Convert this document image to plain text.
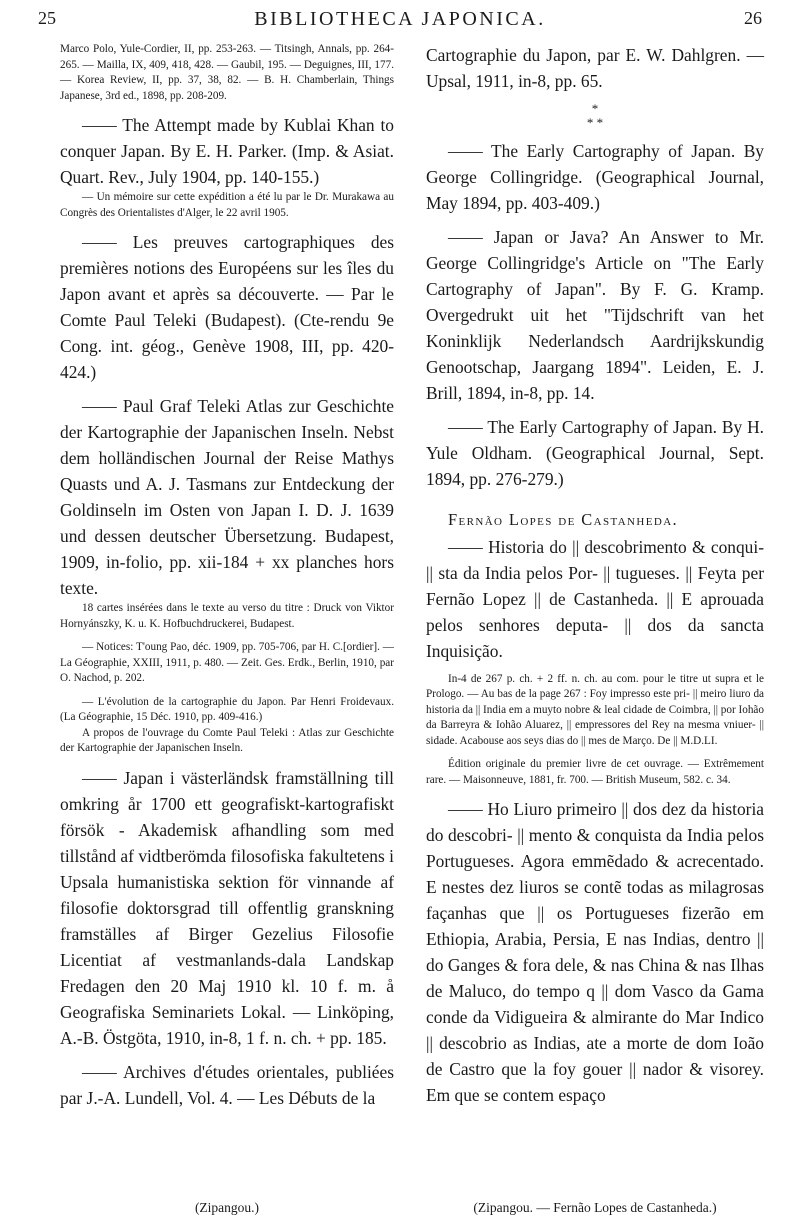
25	BIBLIOTHECA JAPONICA.	26

Marco Polo, Yule-Cordier, II, pp. 253-263. — Titsingh, Annals, pp. 264-265. — Mailla, IX, 409, 418, 428. — Gaubil, 195. — Deguignes, III, 177. — Korea Review, II, pp. 37, 38, 82. — B. H. Chamberlain, Things Japanese, 3rd ed., 1898, pp. 208-209.

—— The Attempt made by Kublai Khan to conquer Japan. By E. H. Parker. (Imp. & Asiat. Quart. Rev., July 1904, pp. 140-155.)

— Un mémoire sur cette expédition a été lu par le Dr. Murakawa au Congrès des Orientalistes d'Alger, le 22 avril 1905.

—— Les preuves cartographiques des premières notions des Européens sur les îles du Japon avant et après sa découverte. — Par le Comte Paul Teleki (Budapest). (Cte-rendu 9e Cong. int. géog., Genève 1908, III, pp. 420-424.)

—— Paul Graf Teleki Atlas zur Geschichte der Kartographie der Japanischen Inseln. Nebst dem holländischen Journal der Reise Mathys Quasts und A. J. Tasmans zur Entdeckung der Goldinseln im Osten von Japan I. D. J. 1639 und dessen deutscher Übersetzung. Budapest, 1909, in-folio, pp. xii-184 + xx planches hors texte.

18 cartes insérées dans le texte au verso du titre : Druck von Viktor Hornyánszky, K. u. K. Hofbuchdruckerei, Budapest.

— Notices: T'oung Pao, déc. 1909, pp. 705-706, par H. C.[ordier]. — La Géographie, XXIII, 1911, p. 480. — Zeit. Ges. Erdk., Berlin, 1910, par O. Nachod, p. 202.

— L'évolution de la cartographie du Japon. Par Henri Froidevaux. (La Géographie, 15 Déc. 1910, pp. 409-416.)

A propos de l'ouvrage du Comte Paul Teleki : Atlas zur Geschichte der Kartographie der Japanischen Inseln.

—— Japan i västerländsk framställning till omkring år 1700 ett geografiskt-kartografiskt försök - Akademisk afhandling som med tillstånd af vidtberömda filosofiska fakultetens i Upsala humanistiska sektion för vinnande af filosofie doktorsgrad till offentlig granskning framställes af Birger Gezelius Filosofie Licentiat af vestmanlands-dala Landskap Fredagen den 20 Maj 1910 kl. 10 f. m. å Geografiska Seminariets Lokal. — Linköping, A.-B. Östgöta, 1910, in-8, 1 f. n. ch. + pp. 185.

—— Archives d'études orientales, publiées par J.-A. Lundell, Vol. 4. — Les Débuts de la

Cartographie du Japon, par E. W. Dahlgren. — Upsal, 1911, in-8, pp. 65.

*
* *

—— The Early Cartography of Japan. By George Collingridge. (Geographical Journal, May 1894, pp. 403-409.)

—— Japan or Java? An Answer to Mr. George Collingridge's Article on "The Early Cartography of Japan". By F. G. Kramp. Overgedrukt uit het "Tijdschrift van het Koninklijk Nederlandsch Aardrijkskundig Genootschap, Jaargang 1894". Leiden, E. J. Brill, 1894, in-8, pp. 14.

—— The Early Cartography of Japan. By H. Yule Oldham. (Geographical Journal, Sept. 1894, pp. 276-279.)

Fernão Lopes de Castanheda.

—— Historia do || descobrimento & conqui- || sta da India pelos Por- || tugueses. || Feyta per Fernão Lopez || de Castanheda. || E aprouada pelos senhores deputa- || dos da sancta Inquisição.

In-4 de 267 p. ch. + 2 ff. n. ch. au com. pour le titre ut supra et le Prologo. — Au bas de la page 267 : Foy impresso este pri- || meiro liuro da historia da || India em a muyto nobre & leal cidade de Coimbra, || por Iohão da Barreyra & Iohão Aluarez, || empressores del Rey na mesma vniuer- || sidade. Acabouse aos seys dias do || mes de Março. De || M.D.LI.

Édition originale du premier livre de cet ouvrage. — Extrêmement rare. — Maisonneuve, 1881, fr. 700. — British Museum, 582. c. 34.

—— Ho Liuro primeiro || dos dez da historia do descobri- || mento & conquista da India pelos Portugueses. Agora emmẽdado & acrecentado. E nestes dez liuros se contẽ todas as milagrosas façanhas que || os Portugueses fizerão em Ethiopia, Arabia, Persia, E nas Indias, dentro || do Ganges & fora dele, & nas China & nas Ilhas de Maluco, do tempo q || dom Vasco da Gama conde da Vidigueira & almirante do Mar Indico || descobrio as Indias, ate a morte de dom Ioão de Castro que la foy gouer || nador & visorey. Em que se contem espaço

(Zipangou.)	(Zipangou. — Fernão Lopes de Castanheda.)
